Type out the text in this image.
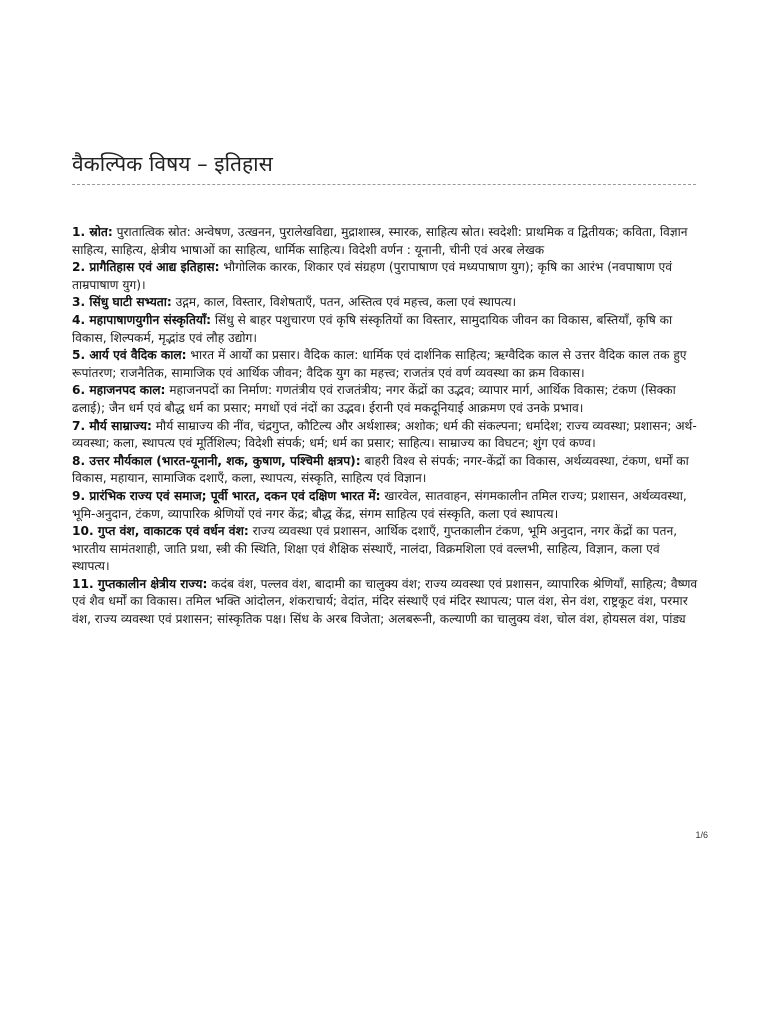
वैकल्पिक विषय – इतिहास

1. स्रोत: पुरातात्विक स्रोत: अन्वेषण, उत्खनन, पुरालेखविद्या, मुद्राशास्त्र, स्मारक, साहित्य स्रोत। स्वदेशी: प्राथमिक व द्वितीयक; कविता, विज्ञान साहित्य, साहित्य, क्षेत्रीय भाषाओं का साहित्य, धार्मिक साहित्य। विदेशी वर्णन : यूनानी, चीनी एवं अरब लेखक

2. प्रागैतिहास एवं आद्य इतिहास: भौगोलिक कारक, शिकार एवं संग्रहण (पुरापाषाण एवं मध्यपाषाण युग); कृषि का आरंभ (नवपाषाण एवं ताम्रपाषाण युग)।

3. सिंधु घाटी सभ्यता: उद्गम, काल, विस्तार, विशेषताएँ, पतन, अस्तित्व एवं महत्त्व, कला एवं स्थापत्य।

4. महापाषाणयुगीन संस्कृतियाँ: सिंधु से बाहर पशुचारण एवं कृषि संस्कृतियों का विस्तार, सामुदायिक जीवन का विकास, बस्तियाँ, कृषि का विकास, शिल्पकर्म, मृद्भांड एवं लौह उद्योग।

5. आर्य एवं वैदिक काल: भारत में आर्यों का प्रसार। वैदिक काल: धार्मिक एवं दार्शनिक साहित्य; ऋग्वैदिक काल से उत्तर वैदिक काल तक हुए रूपांतरण; राजनैतिक, सामाजिक एवं आर्थिक जीवन; वैदिक युग का महत्त्व; राजतंत्र एवं वर्ण व्यवस्था का क्रम विकास।

6. महाजनपद काल: महाजनपदों का निर्माण: गणतंत्रीय एवं राजतंत्रीय; नगर केंद्रों का उद्भव; व्यापार मार्ग, आर्थिक विकास; टंकण (सिक्का ढलाई); जैन धर्म एवं बौद्ध धर्म का प्रसार; मगधों एवं नंदों का उद्भव। ईरानी एवं मकदूनियाई आक्रमण एवं उनके प्रभाव।

7. मौर्य साम्राज्य: मौर्य साम्राज्य की नींव, चंद्रगुप्त, कौटिल्य और अर्थशास्त्र; अशोक; धर्म की संकल्पना; धर्मादेश; राज्य व्यवस्था; प्रशासन; अर्थ-व्यवस्था; कला, स्थापत्य एवं मूर्तिशिल्प; विदेशी संपर्क; धर्म; धर्म का प्रसार; साहित्य। साम्राज्य का विघटन; शुंग एवं कण्व।

8. उत्तर मौर्यकाल (भारत-यूनानी, शक, कुषाण, पश्चिमी क्षत्रप): बाहरी विश्व से संपर्क; नगर-केंद्रों का विकास, अर्थव्यवस्था, टंकण, धर्मों का विकास, महायान, सामाजिक दशाएँ, कला, स्थापत्य, संस्कृति, साहित्य एवं विज्ञान।

9. प्रारंभिक राज्य एवं समाज; पूर्वी भारत, दकन एवं दक्षिण भारत में: खारवेल, सातवाहन, संगमकालीन तमिल राज्य; प्रशासन, अर्थव्यवस्था, भूमि-अनुदान, टंकण, व्यापारिक श्रेणियों एवं नगर केंद्र; बौद्ध केंद्र, संगम साहित्य एवं संस्कृति, कला एवं स्थापत्य।

10. गुप्त वंश, वाकाटक एवं वर्धन वंश: राज्य व्यवस्था एवं प्रशासन, आर्थिक दशाएँ, गुप्तकालीन टंकण, भूमि अनुदान, नगर केंद्रों का पतन, भारतीय सामंतशाही, जाति प्रथा, स्त्री की स्थिति, शिक्षा एवं शैक्षिक संस्थाएँ, नालंदा, विक्रमशिला एवं वल्लभी, साहित्य, विज्ञान, कला एवं स्थापत्य।

11. गुप्तकालीन क्षेत्रीय राज्य: कदंब वंश, पल्लव वंश, बादामी का चालुक्य वंश; राज्य व्यवस्था एवं प्रशासन, व्यापारिक श्रेणियाँ, साहित्य; वैष्णव एवं शैव धर्मों का विकास। तमिल भक्ति आंदोलन, शंकराचार्य; वेदांत, मंदिर संस्थाएँ एवं मंदिर स्थापत्य; पाल वंश, सेन वंश, राष्ट्रकूट वंश, परमार वंश, राज्य व्यवस्था एवं प्रशासन; सांस्कृतिक पक्ष। सिंध के अरब विजेता; अलबरूनी, कल्याणी का चालुक्य वंश, चोल वंश, होयसल वंश, पांड्य

1/6
